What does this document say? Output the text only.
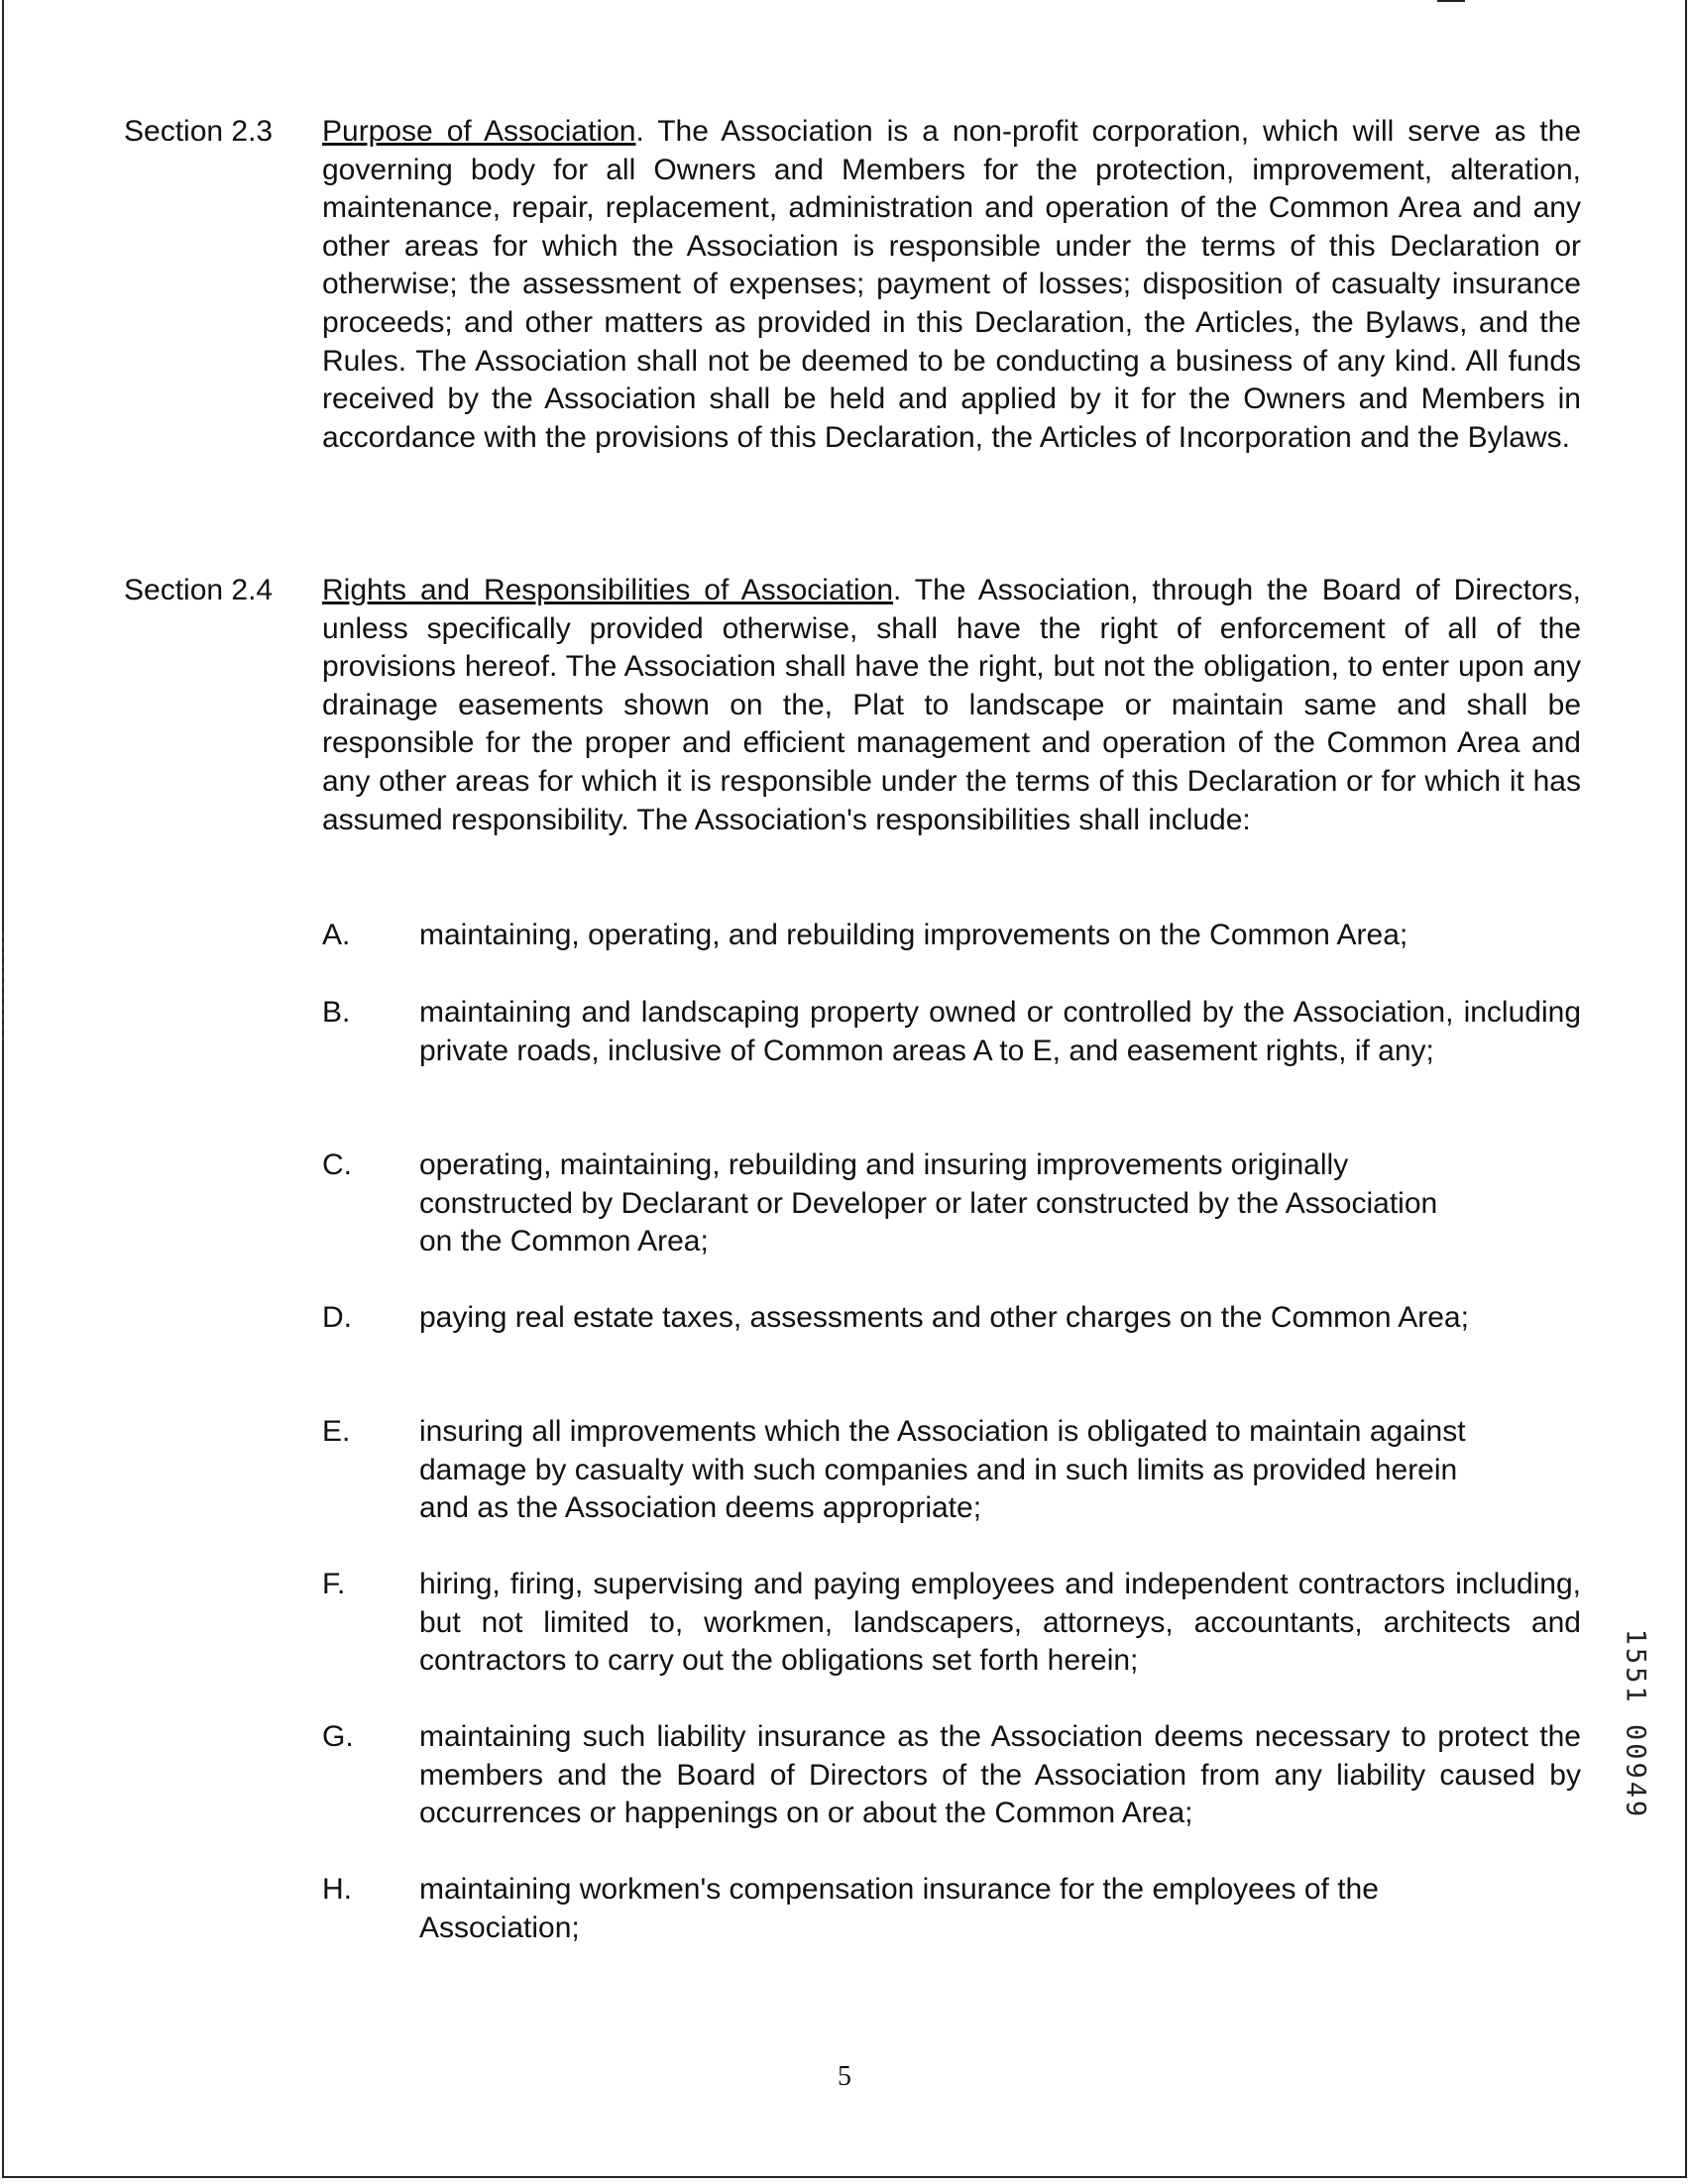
Section 2.3 Purpose of Association. The Association is a non-profit corporation, which will serve as the governing body for all Owners and Members for the protection, improvement, alteration, maintenance, repair, replacement, administration and operation of the Common Area and any other areas for which the Association is responsible under the terms of this Declaration or otherwise; the assessment of expenses; payment of losses; disposition of casualty insurance proceeds; and other matters as provided in this Declaration, the Articles, the Bylaws, and the Rules. The Association shall not be deemed to be conducting a business of any kind. All funds received by the Association shall be held and applied by it for the Owners and Members in accordance with the provisions of this Declaration, the Articles of Incorporation and the Bylaws.
Section 2.4 Rights and Responsibilities of Association. The Association, through the Board of Directors, unless specifically provided otherwise, shall have the right of enforcement of all of the provisions hereof. The Association shall have the right, but not the obligation, to enter upon any drainage easements shown on the, Plat to landscape or maintain same and shall be responsible for the proper and efficient management and operation of the Common Area and any other areas for which it is responsible under the terms of this Declaration or for which it has assumed responsibility. The Association's responsibilities shall include:
A. maintaining, operating, and rebuilding improvements on the Common Area;
B. maintaining and landscaping property owned or controlled by the Association, including private roads, inclusive of Common areas A to E, and easement rights, if any;
C. operating, maintaining, rebuilding and insuring improvements originally constructed by Declarant or Developer or later constructed by the Association on the Common Area;
D. paying real estate taxes, assessments and other charges on the Common Area;
E. insuring all improvements which the Association is obligated to maintain against damage by casualty with such companies and in such limits as provided herein and as the Association deems appropriate;
F. hiring, firing, supervising and paying employees and independent contractors including, but not limited to, workmen, landscapers, attorneys, accountants, architects and contractors to carry out the obligations set forth herein;
G. maintaining such liability insurance as the Association deems necessary to protect the members and the Board of Directors of the Association from any liability caused by occurrences or happenings on or about the Common Area;
H. maintaining workmen's compensation insurance for the employees of the Association;
1551 00949
5
